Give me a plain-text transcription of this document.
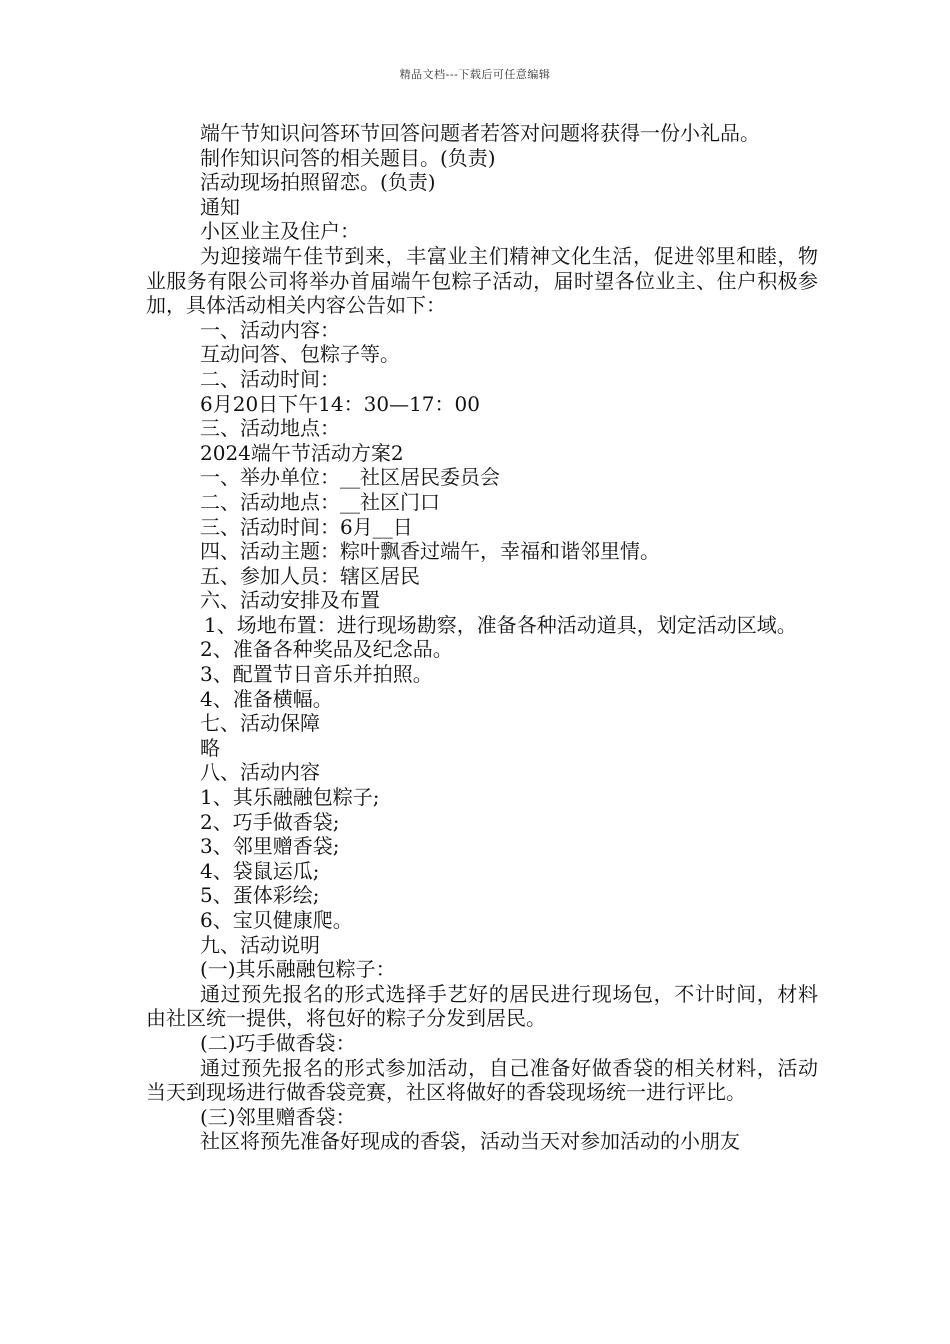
精品文档---下载后可任意编辑
端午节知识问答环节回答问题者若答对问题将获得一份小礼品。
制作知识问答的相关题目。(负责)
活动现场拍照留恋。(负责)
通知
小区业主及住户：
为迎接端午佳节到来，丰富业主们精神文化生活，促进邻里和睦，物业服务有限公司将举办首届端午包粽子活动，届时望各位业主、住户积极参加，具体活动相关内容公告如下：
一、活动内容：
互动问答、包粽子等。
二、活动时间：
6月20日下午14：30—17：00
三、活动地点：
2024端午节活动方案2
一、举办单位：__社区居民委员会
二、活动地点：__社区门口
三、活动时间：6月__日
四、活动主题：粽叶飘香过端午，幸福和谐邻里情。
五、参加人员：辖区居民
六、活动安排及布置
1、场地布置：进行现场勘察，准备各种活动道具，划定活动区域。
2、准备各种奖品及纪念品。
3、配置节日音乐并拍照。
4、准备横幅。
七、活动保障
略
八、活动内容
1、其乐融融包粽子;
2、巧手做香袋;
3、邻里赠香袋;
4、袋鼠运瓜;
5、蛋体彩绘;
6、宝贝健康爬。
九、活动说明
(一)其乐融融包粽子：
通过预先报名的形式选择手艺好的居民进行现场包，不计时间，材料由社区统一提供，将包好的粽子分发到居民。
(二)巧手做香袋：
通过预先报名的形式参加活动，自己准备好做香袋的相关材料，活动当天到现场进行做香袋竞赛，社区将做好的香袋现场统一进行评比。
(三)邻里赠香袋：
社区将预先准备好现成的香袋，活动当天对参加活动的小朋友
